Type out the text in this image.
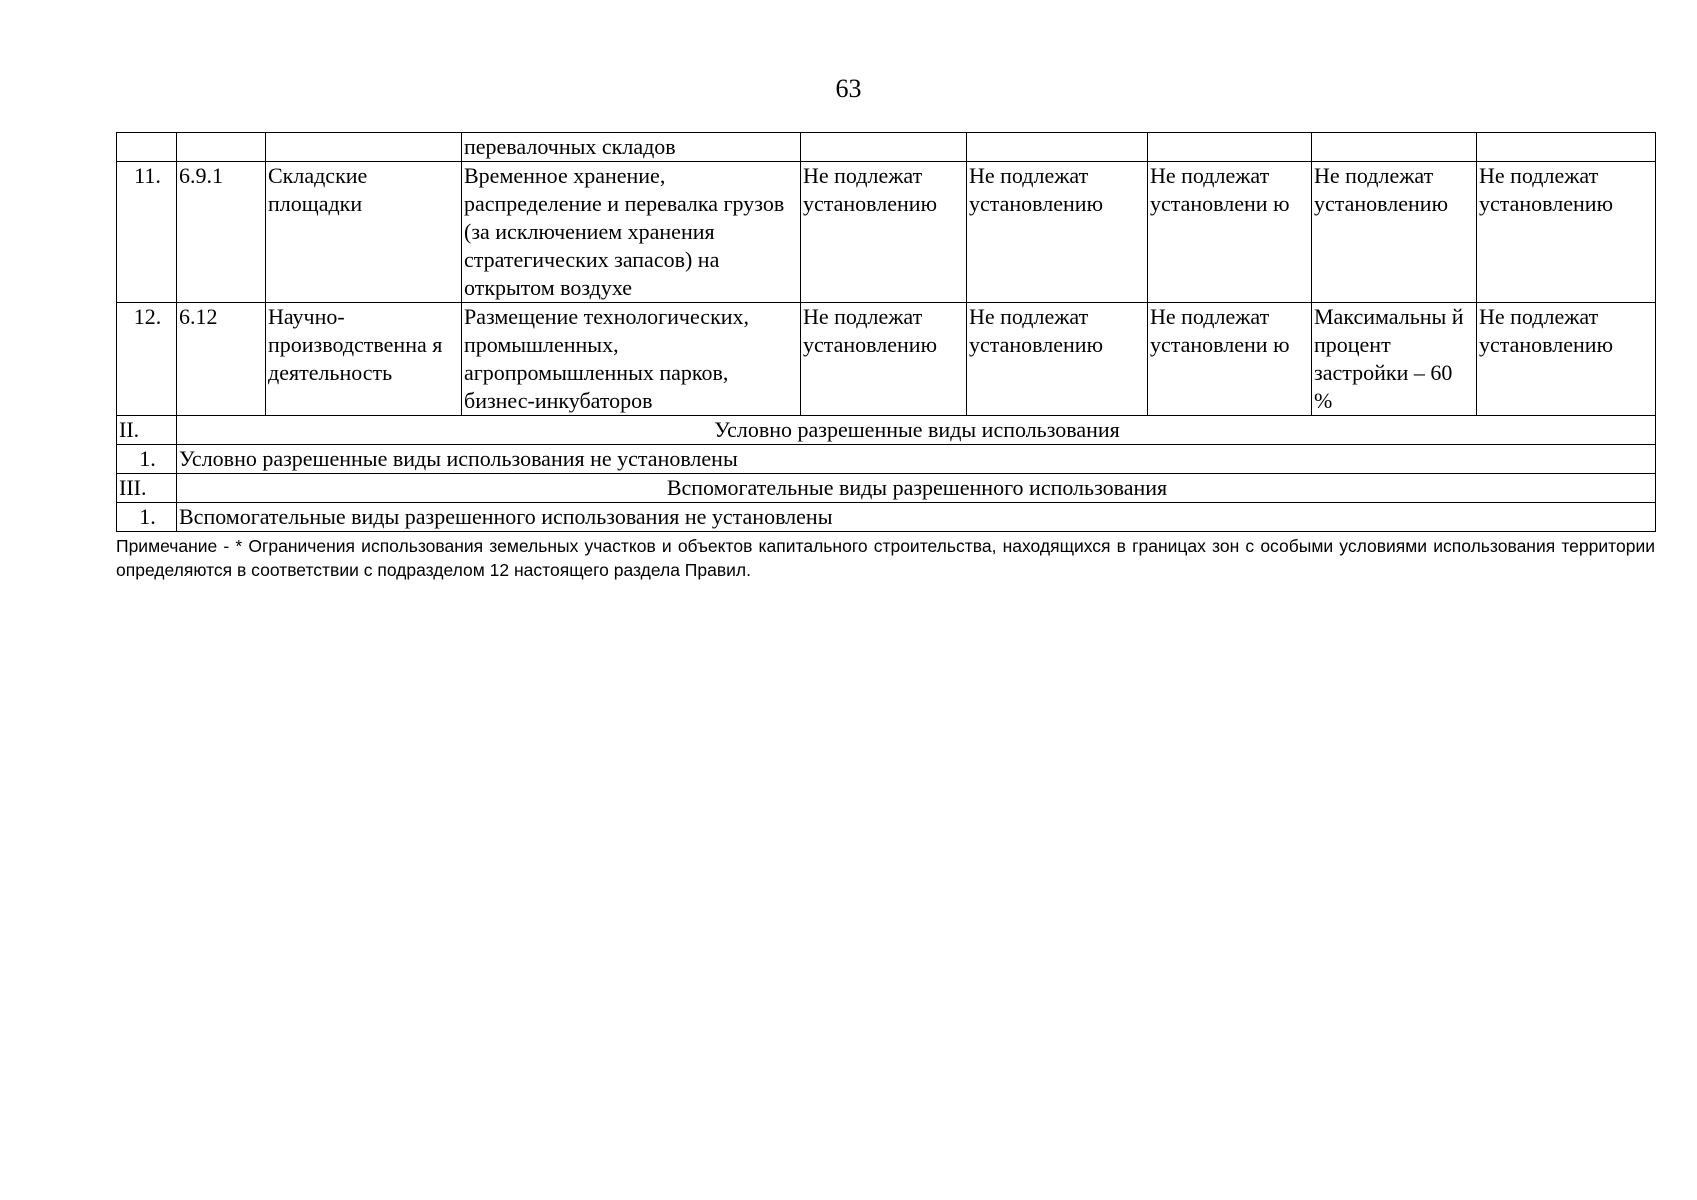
63
			перевалочных складов					
11.	6.9.1	Складские площадки	Временное хранение, распределение и перевалка грузов (за исключением хранения стратегических запасов) на открытом воздухе	Не подлежат установлению	Не подлежат установлению	Не подлежат установлени ю	Не подлежат установлению	Не подлежат установлению
12.	6.12	Научно-производственна я деятельность	Размещение технологических, промышленных, агропромышленных парков, бизнес-инкубаторов	Не подлежат установлению	Не подлежат установлению	Не подлежат установлени ю	Максимальны й процент застройки – 60 %	Не подлежат установлению
II.	Условно разрешенные виды использования							
1.	Условно разрешенные виды использования не установлены							
III.	Вспомогательные виды разрешенного использования							
1.	Вспомогательные виды разрешенного использования не установлены							
Примечание - * Ограничения использования земельных участков и объектов капитального строительства, находящихся в границах зон с особыми условиями использования территории определяются в соответствии с подразделом 12 настоящего раздела Правил.
